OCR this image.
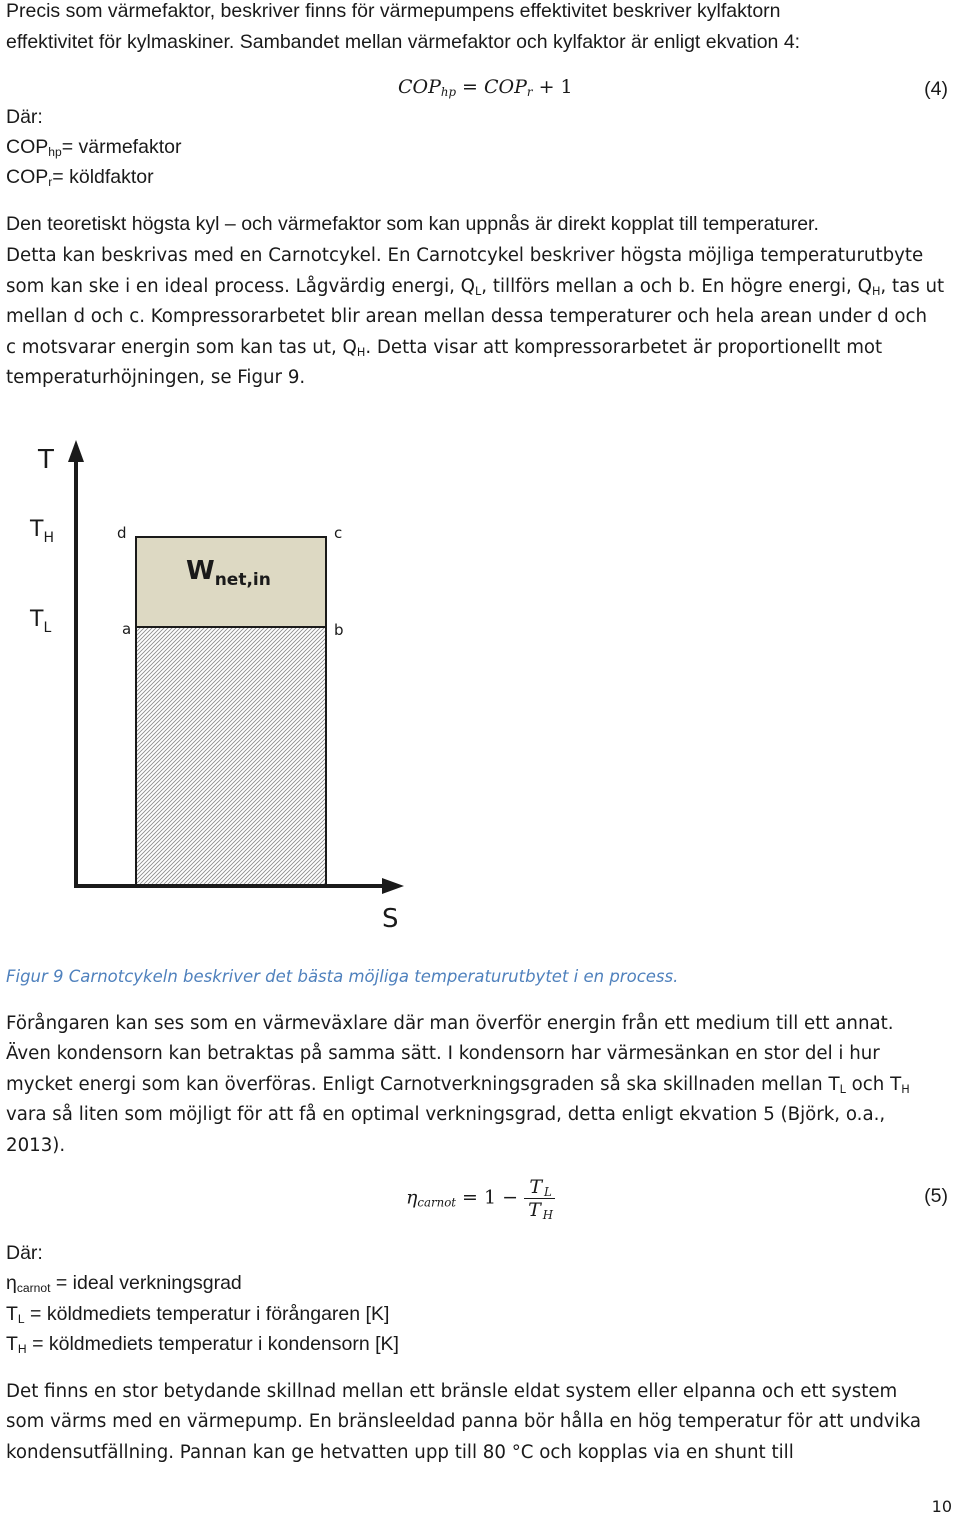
Precis som värmefaktor, beskriver finns för värmepumpens effektivitet beskriver kylfaktorn
effektivitet för kylmaskiner. Sambandet mellan värmefaktor och kylfaktor är enligt ekvation 4:
$COP_{hp} = COP_r + 1$	(4)
Där:
$COP_{hp}=$ värmefaktor
$COP_r=$ köldfaktor
Den teoretiskt högsta kyl – och värmefaktor som kan uppnås är direkt kopplat till temperaturer.
Detta kan beskrivas med en Carnotcykel. En Carnotcykel beskriver högsta möjliga temperaturutbyte
som kan ske i en ideal process. Lågvärdig energi, $Q_L$, tillförs mellan a och b. En högre energi, $Q_H$, tas ut
mellan d och c. Kompressorarbetet blir arean mellan dessa temperaturer och hela arean under d och
c motsvarar energin som kan tas ut, $Q_H$. Detta visar att kompressorarbetet är proportionellt mot
temperaturhöjningen, se Figur 9.
T
S
$T_H$
$T_L$
d	c
a	b
$W_{net,in}$
Figur 9 Carnotcykeln beskriver det bästa möjliga temperaturutbytet i en process.
Förångaren kan ses som en värmeväxlare där man överför energin från ett medium till ett annat.
Även kondensorn kan betraktas på samma sätt. I kondensorn har värmesänkan en stor del i hur
mycket energi som kan överföras. Enligt Carnotverkningsgraden så ska skillnaden mellan $T_L$ och $T_H$
vara så liten som möjligt för att få en optimal verkningsgrad, detta enligt ekvation 5 (Björk, o.a.,
2013).
$\eta_{carnot} = 1 - \frac{T _L}{T _H}$	(5)
Där:
$\eta_{carnot}$ = ideal verkningsgrad
$T_L$ = köldmediets temperatur i förångaren [K]
$T_H$ = köldmediets temperatur i kondensorn [K]
Det finns en stor betydande skillnad mellan ett bränsle eldat system eller elpanna och ett system
som värms med en värmepump. En bränsleeldad panna bör hålla en hög temperatur för att undvika
kondensutfällning. Pannan kan ge hetvatten upp till 80 °C och kopplas via en shunt till
10
